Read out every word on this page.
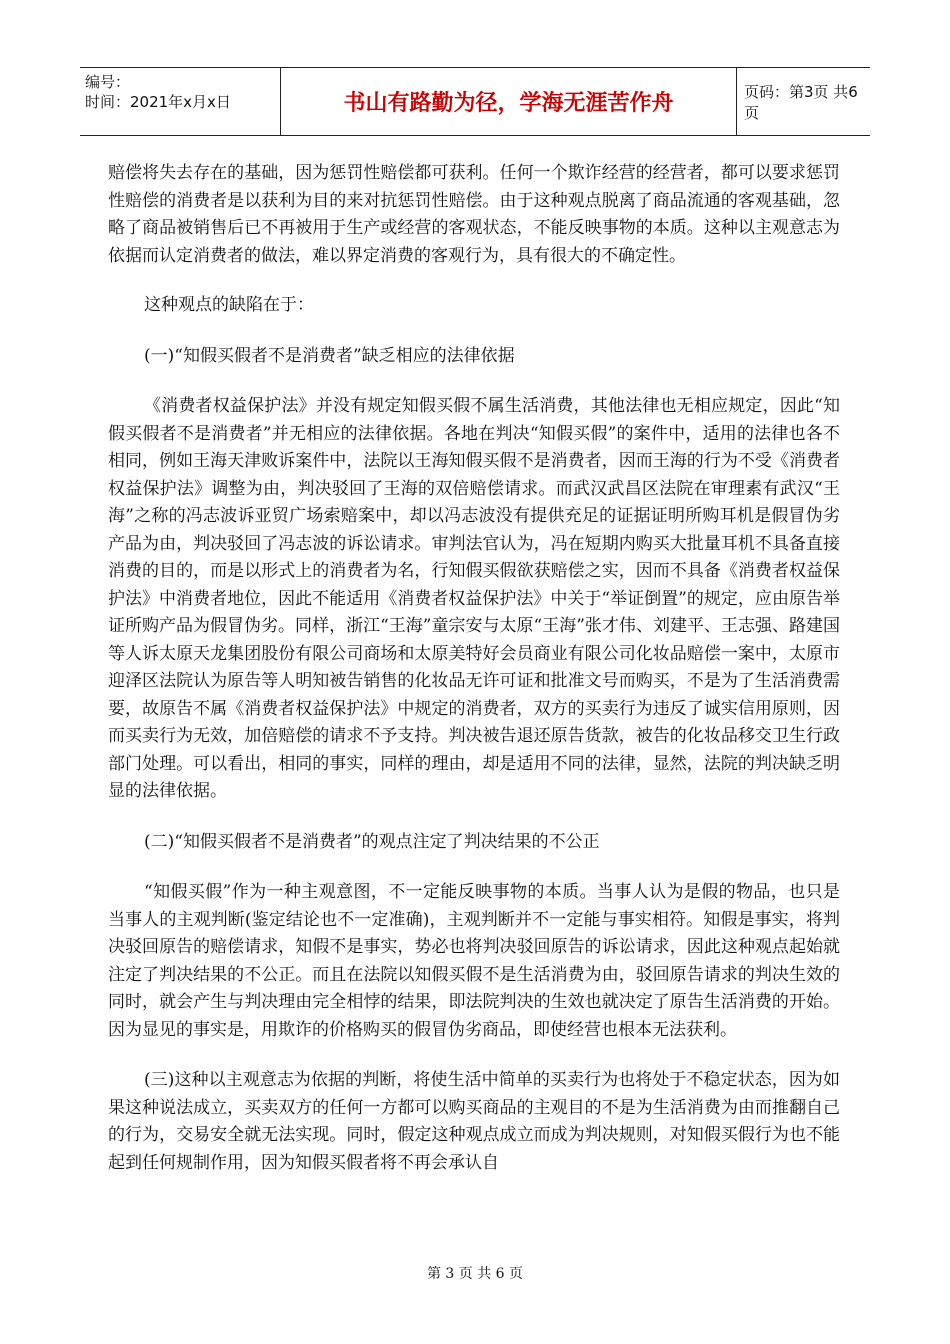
编号：
时间：2021年x月x日	书山有路勤为径，学海无涯苦作舟	页码：第3页 共6页

赔偿将失去存在的基础，因为惩罚性赔偿都可获利。任何一个欺诈经营的经营者，都可以要求惩罚性赔偿的消费者是以获利为目的来对抗惩罚性赔偿。由于这种观点脱离了商品流通的客观基础，忽略了商品被销售后已不再被用于生产或经营的客观状态，不能反映事物的本质。这种以主观意志为依据而认定消费者的做法，难以界定消费的客观行为，具有很大的不确定性。

这种观点的缺陷在于：

(一)“知假买假者不是消费者”缺乏相应的法律依据

《消费者权益保护法》并没有规定知假买假不属生活消费，其他法律也无相应规定，因此“知假买假者不是消费者”并无相应的法律依据。各地在判决“知假买假”的案件中，适用的法律也各不相同，例如王海天津败诉案件中，法院以王海知假买假不是消费者，因而王海的行为不受《消费者权益保护法》调整为由，判决驳回了王海的双倍赔偿请求。而武汉武昌区法院在审理素有武汉“王海”之称的冯志波诉亚贸广场索赔案中，却以冯志波没有提供充足的证据证明所购耳机是假冒伪劣产品为由，判决驳回了冯志波的诉讼请求。审判法官认为，冯在短期内购买大批量耳机不具备直接消费的目的，而是以形式上的消费者为名，行知假买假欲获赔偿之实，因而不具备《消费者权益保护法》中消费者地位，因此不能适用《消费者权益保护法》中关于“举证倒置”的规定，应由原告举证所购产品为假冒伪劣。同样，浙江“王海”童宗安与太原“王海”张才伟、刘建平、王志强、路建国等人诉太原天龙集团股份有限公司商场和太原美特好会员商业有限公司化妆品赔偿一案中，太原市迎泽区法院认为原告等人明知被告销售的化妆品无许可证和批准文号而购买，不是为了生活消费需要，故原告不属《消费者权益保护法》中规定的消费者，双方的买卖行为违反了诚实信用原则，因而买卖行为无效，加倍赔偿的请求不予支持。判决被告退还原告货款，被告的化妆品移交卫生行政部门处理。可以看出，相同的事实，同样的理由，却是适用不同的法律，显然，法院的判决缺乏明显的法律依据。

(二)“知假买假者不是消费者”的观点注定了判决结果的不公正

“知假买假”作为一种主观意图，不一定能反映事物的本质。当事人认为是假的物品，也只是当事人的主观判断(鉴定结论也不一定准确)，主观判断并不一定能与事实相符。知假是事实，将判决驳回原告的赔偿请求，知假不是事实，势必也将判决驳回原告的诉讼请求，因此这种观点起始就注定了判决结果的不公正。而且在法院以知假买假不是生活消费为由，驳回原告请求的判决生效的同时，就会产生与判决理由完全相悖的结果，即法院判决的生效也就决定了原告生活消费的开始。因为显见的事实是，用欺诈的价格购买的假冒伪劣商品，即使经营也根本无法获利。

(三)这种以主观意志为依据的判断，将使生活中简单的买卖行为也将处于不稳定状态，因为如果这种说法成立，买卖双方的任何一方都可以购买商品的主观目的不是为生活消费为由而推翻自己的行为，交易安全就无法实现。同时，假定这种观点成立而成为判决规则，对知假买假行为也不能起到任何规制作用，因为知假买假者将不再会承认自

第 3 页 共 6 页
